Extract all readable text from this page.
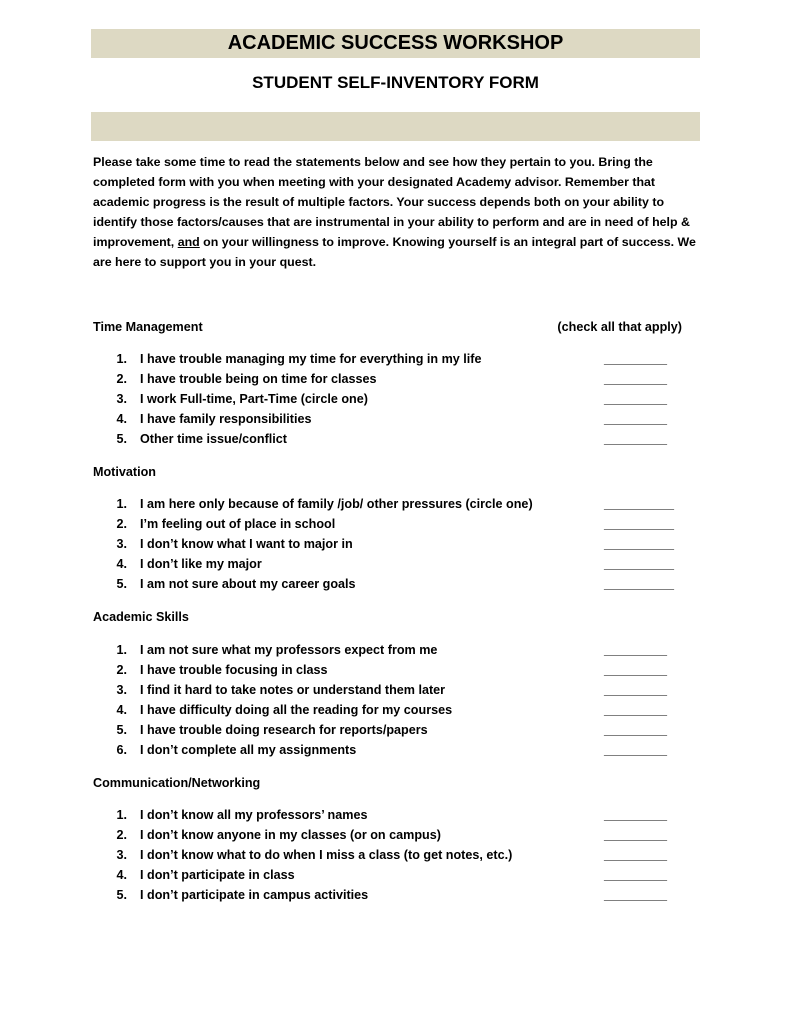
ACADEMIC SUCCESS WORKSHOP
STUDENT SELF-INVENTORY FORM
Please take some time to read the statements below and see how they pertain to you. Bring the completed form with you when meeting with your designated Academy advisor. Remember that academic progress is the result of multiple factors. Your success depends both on your ability to identify those factors/causes that are instrumental in your ability to perform and are in need of help & improvement, and on your willingness to improve. Knowing yourself is an integral part of success. We are here to support you in your quest.
(check all that apply)
Time Management
1. I have trouble managing my time for everything in my life	_________
2. I have trouble being on time for classes	_________
3. I work Full-time, Part-Time (circle one)	_________
4. I have family responsibilities	_________
5. Other time issue/conflict	_________
Motivation
1. I am here only because of family /job/ other pressures (circle one)	__________
2. I’m feeling out of place in school	__________
3. I don’t know what I want to major in	__________
4. I don’t like my major	__________
5. I am not sure about my career goals	__________
Academic Skills
1. I am not sure what my professors expect from me	_________
2. I have trouble focusing in class	_________
3. I find it hard to take notes or understand them later	_________
4. I have difficulty doing all the reading for my courses	_________
5. I have trouble doing research for reports/papers	_________
6. I don’t complete all my assignments	_________
Communication/Networking
1. I don’t know all my professors’ names	_________
2. I don’t know anyone in my classes (or on campus)	_________
3. I don’t know what to do when I miss a class (to get notes, etc.)	_________
4. I don’t participate in class	_________
5. I don’t participate in campus activities	_________
